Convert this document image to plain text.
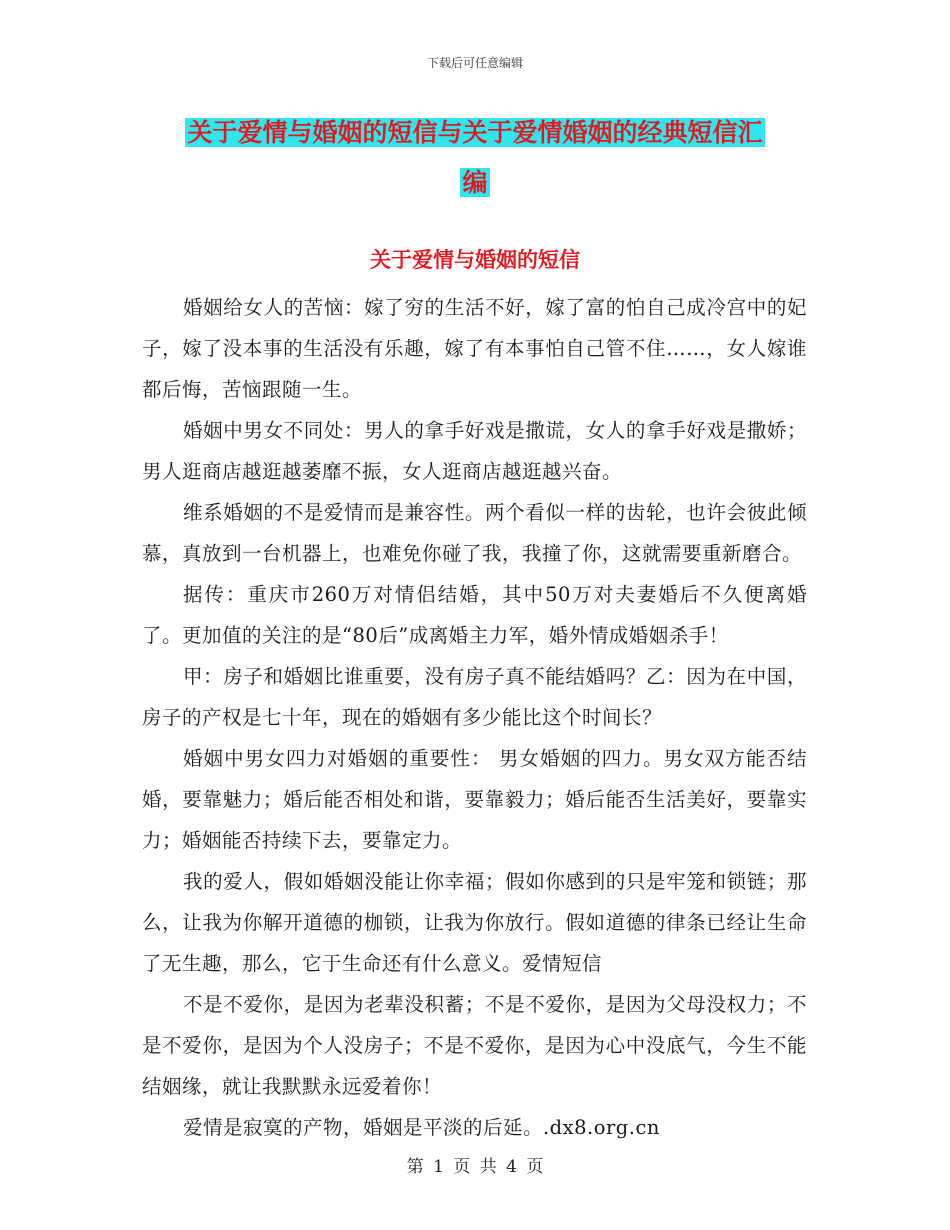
下载后可任意编辑
关于爱情与婚姻的短信与关于爱情婚姻的经典短信汇
编
关于爱情与婚姻的短信

婚姻给女人的苦恼：嫁了穷的生活不好，嫁了富的怕自己成冷宫中的妃子，嫁了没本事的生活没有乐趣，嫁了有本事怕自己管不住……，女人嫁谁都后悔，苦恼跟随一生。

婚姻中男女不同处：男人的拿手好戏是撒谎，女人的拿手好戏是撒娇；男人逛商店越逛越萎靡不振，女人逛商店越逛越兴奋。

维系婚姻的不是爱情而是兼容性。两个看似一样的齿轮，也许会彼此倾慕，真放到一台机器上，也难免你碰了我，我撞了你，这就需要重新磨合。

据传：重庆市260万对情侣结婚，其中50万对夫妻婚后不久便离婚了。更加值的关注的是“80后”成离婚主力军，婚外情成婚姻杀手！

甲：房子和婚姻比谁重要，没有房子真不能结婚吗？乙：因为在中国，房子的产权是七十年，现在的婚姻有多少能比这个时间长？

婚姻中男女四力对婚姻的重要性： 男女婚姻的四力。男女双方能否结婚，要靠魅力；婚后能否相处和谐，要靠毅力；婚后能否生活美好，要靠实力；婚姻能否持续下去，要靠定力。

我的爱人，假如婚姻没能让你幸福；假如你感到的只是牢笼和锁链；那么，让我为你解开道德的枷锁，让我为你放行。假如道德的律条已经让生命了无生趣，那么，它于生命还有什么意义。爱情短信

不是不爱你，是因为老辈没积蓄；不是不爱你，是因为父母没权力；不是不爱你，是因为个人没房子；不是不爱你，是因为心中没底气，今生不能结姻缘，就让我默默永远爱着你！

爱情是寂寞的产物，婚姻是平淡的后延。.dx8.org.cn

第 1 页 共 4 页
